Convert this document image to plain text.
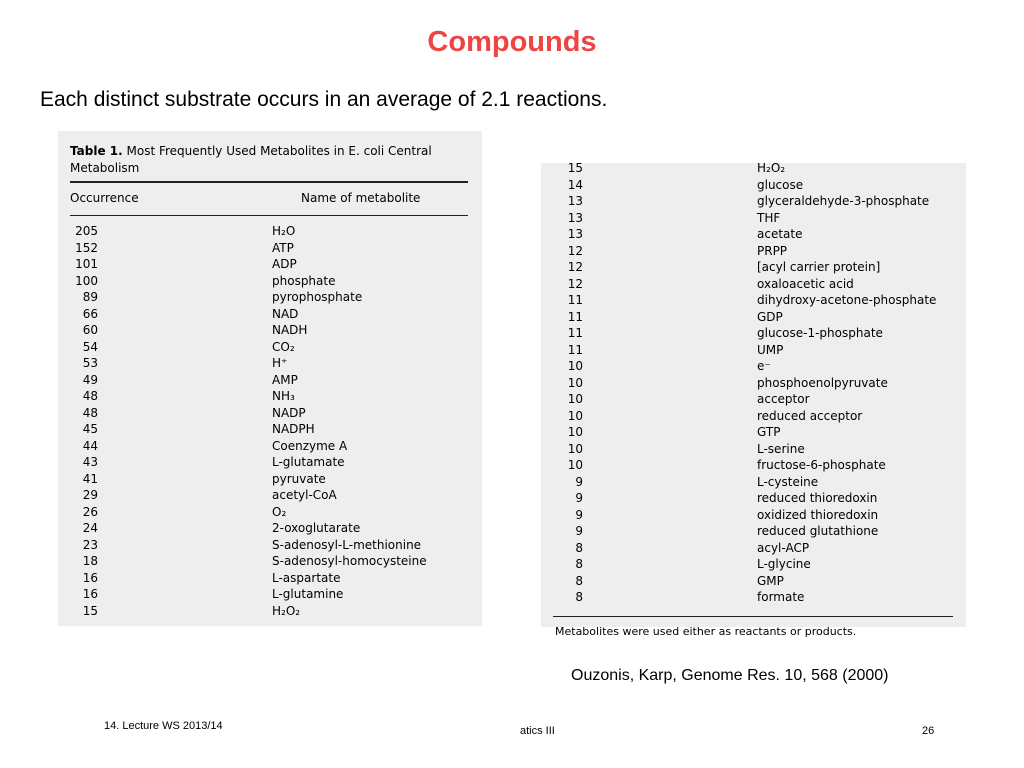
Compounds
Each distinct substrate occurs in an average of 2.1 reactions.
Table 1. Most Frequently Used Metabolites in E. coli Central Metabolism
Occurrence	Name of metabolite
205	H₂O
152	ATP
101	ADP
100	phosphate
89	pyrophosphate
66	NAD
60	NADH
54	CO₂
53	H⁺
49	AMP
48	NH₃
48	NADP
45	NADPH
44	Coenzyme A
43	L-glutamate
41	pyruvate
29	acetyl-CoA
26	O₂
24	2-oxoglutarate
23	S-adenosyl-L-methionine
18	S-adenosyl-homocysteine
16	L-aspartate
16	L-glutamine
15	H₂O₂
15	H₂O₂
14	glucose
13	glyceraldehyde-3-phosphate
13	THF
13	acetate
12	PRPP
12	[acyl carrier protein]
12	oxaloacetic acid
11	dihydroxy-acetone-phosphate
11	GDP
11	glucose-1-phosphate
11	UMP
10	e⁻
10	phosphoenolpyruvate
10	acceptor
10	reduced acceptor
10	GTP
10	L-serine
10	fructose-6-phosphate
9	L-cysteine
9	reduced thioredoxin
9	oxidized thioredoxin
9	reduced glutathione
8	acyl-ACP
8	L-glycine
8	GMP
8	formate
Metabolites were used either as reactants or products.
Ouzonis, Karp, Genome Res. 10, 568 (2000)
14. Lecture WS 2013/14	atics III	26
